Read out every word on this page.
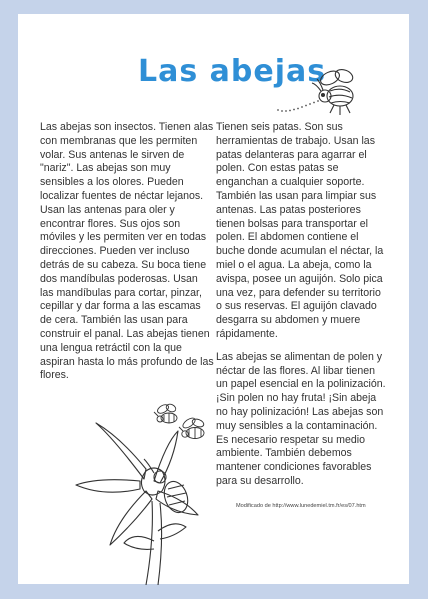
Las abejas

Las abejas son insectos. Tienen alas con membranas que les permiten volar. Sus antenas le sirven de "nariz". Las abejas son muy sensibles a los olores. Pueden localizar fuentes de néctar lejanos. Usan las antenas para oler y encontrar flores. Sus ojos son móviles y les permiten ver en todas direcciones. Pueden ver incluso detrás de su cabeza. Su boca tiene dos mandíbulas poderosas. Usan las mandíbulas para cortar, pinzar, cepillar y dar forma a las escamas de cera. También las usan para construir el panal. Las abejas tienen una lengua retráctil con la que aspiran hasta lo más profundo de las flores.

Tienen seis patas. Son sus herramientas de trabajo. Usan las patas delanteras para agarrar el polen. Con estas patas se enganchan a cualquier soporte. También las usan para limpiar sus antenas. Las patas posteriores tienen bolsas para transportar el polen. El abdomen contiene el buche donde acumulan el néctar, la miel o el agua. La abeja, como la avispa, posee un aguijón. Solo pica una vez, para defender su territorio o sus reservas. El aguijón clavado desgarra su abdomen y muere rápidamente.

Las abejas se alimentan de polen y néctar de las flores. Al libar tienen un papel esencial en la polinización. ¡Sin polen no hay fruta! ¡Sin abeja no hay polinización! Las abejas son muy sensibles a la contaminación. Es necesario respetar su medio ambiente. También debemos mantener condiciones favorables para su desarrollo.

Modificado de http://www.lunedemiel.tm.fr/es/07.htm
